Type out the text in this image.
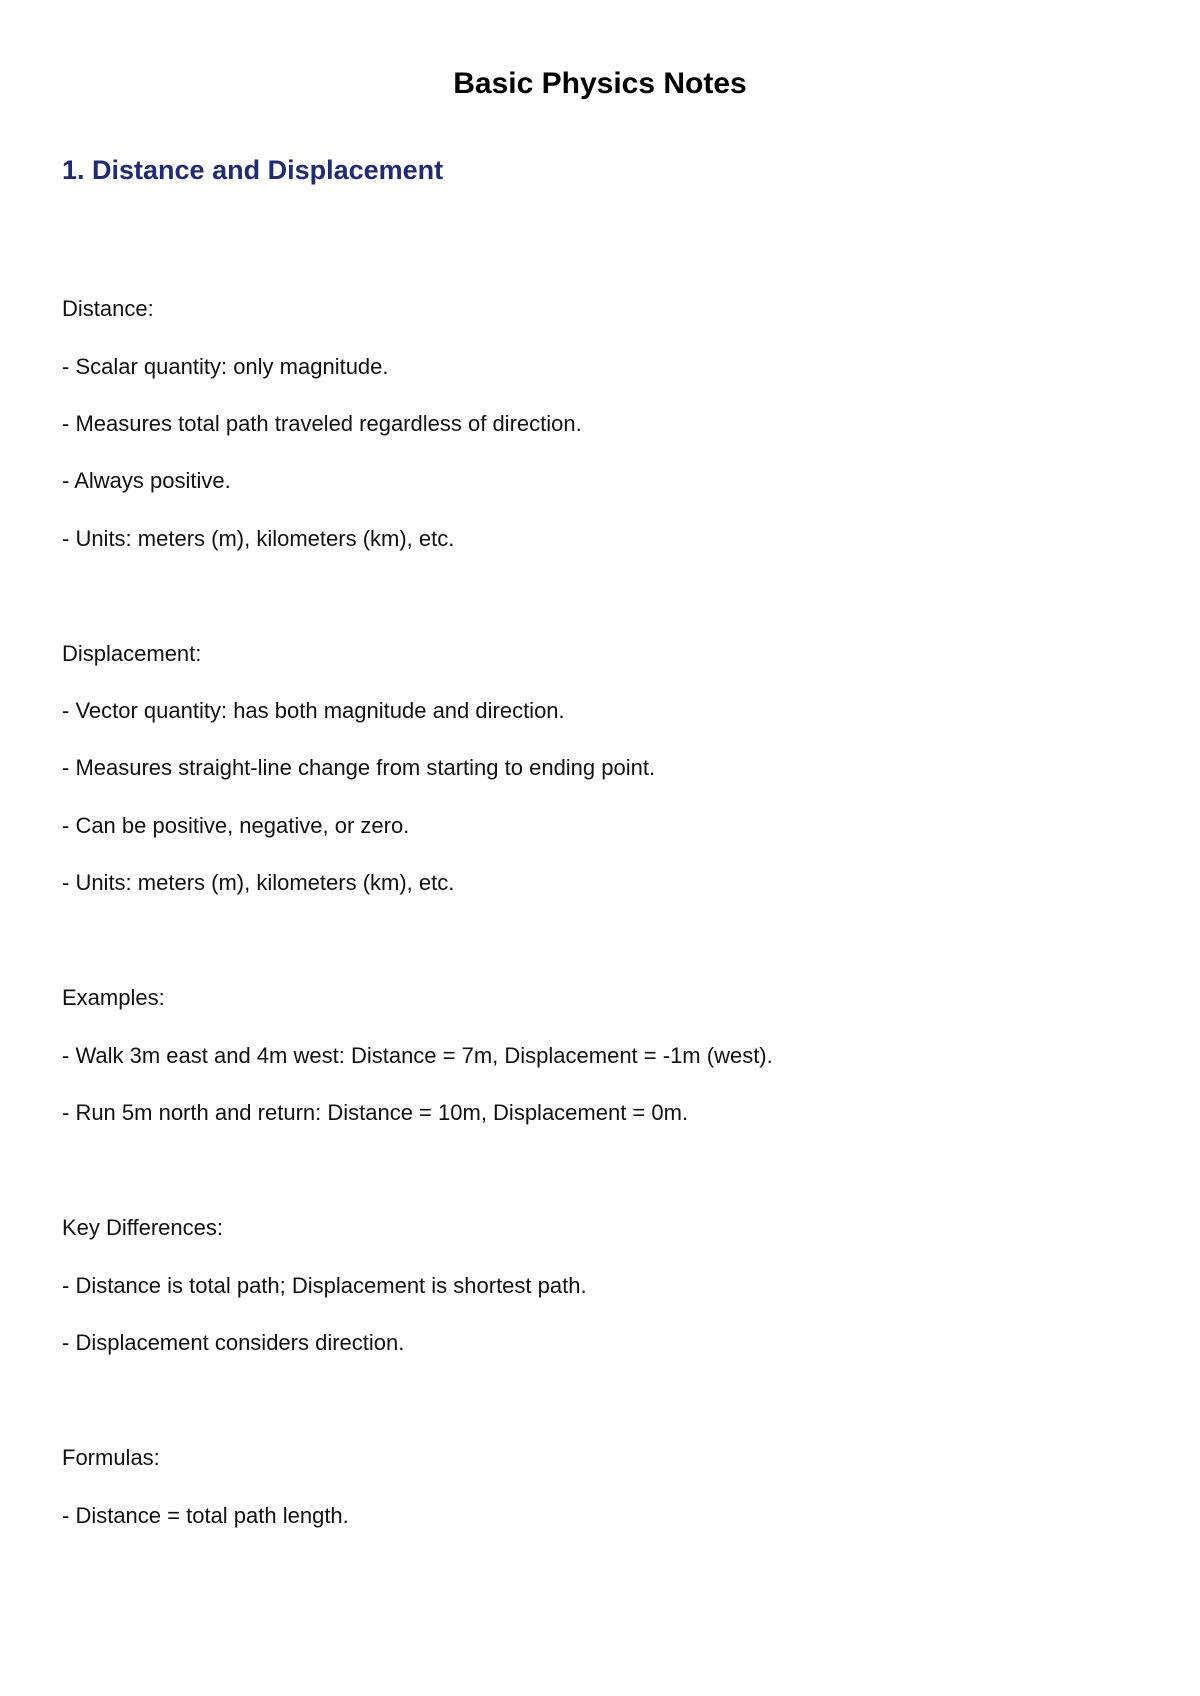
Basic Physics Notes
1. Distance and Displacement
Distance:
- Scalar quantity: only magnitude.
- Measures total path traveled regardless of direction.
- Always positive.
- Units: meters (m), kilometers (km), etc.
Displacement:
- Vector quantity: has both magnitude and direction.
- Measures straight-line change from starting to ending point.
- Can be positive, negative, or zero.
- Units: meters (m), kilometers (km), etc.
Examples:
- Walk 3m east and 4m west: Distance = 7m, Displacement = -1m (west).
- Run 5m north and return: Distance = 10m, Displacement = 0m.
Key Differences:
- Distance is total path; Displacement is shortest path.
- Displacement considers direction.
Formulas:
- Distance = total path length.
